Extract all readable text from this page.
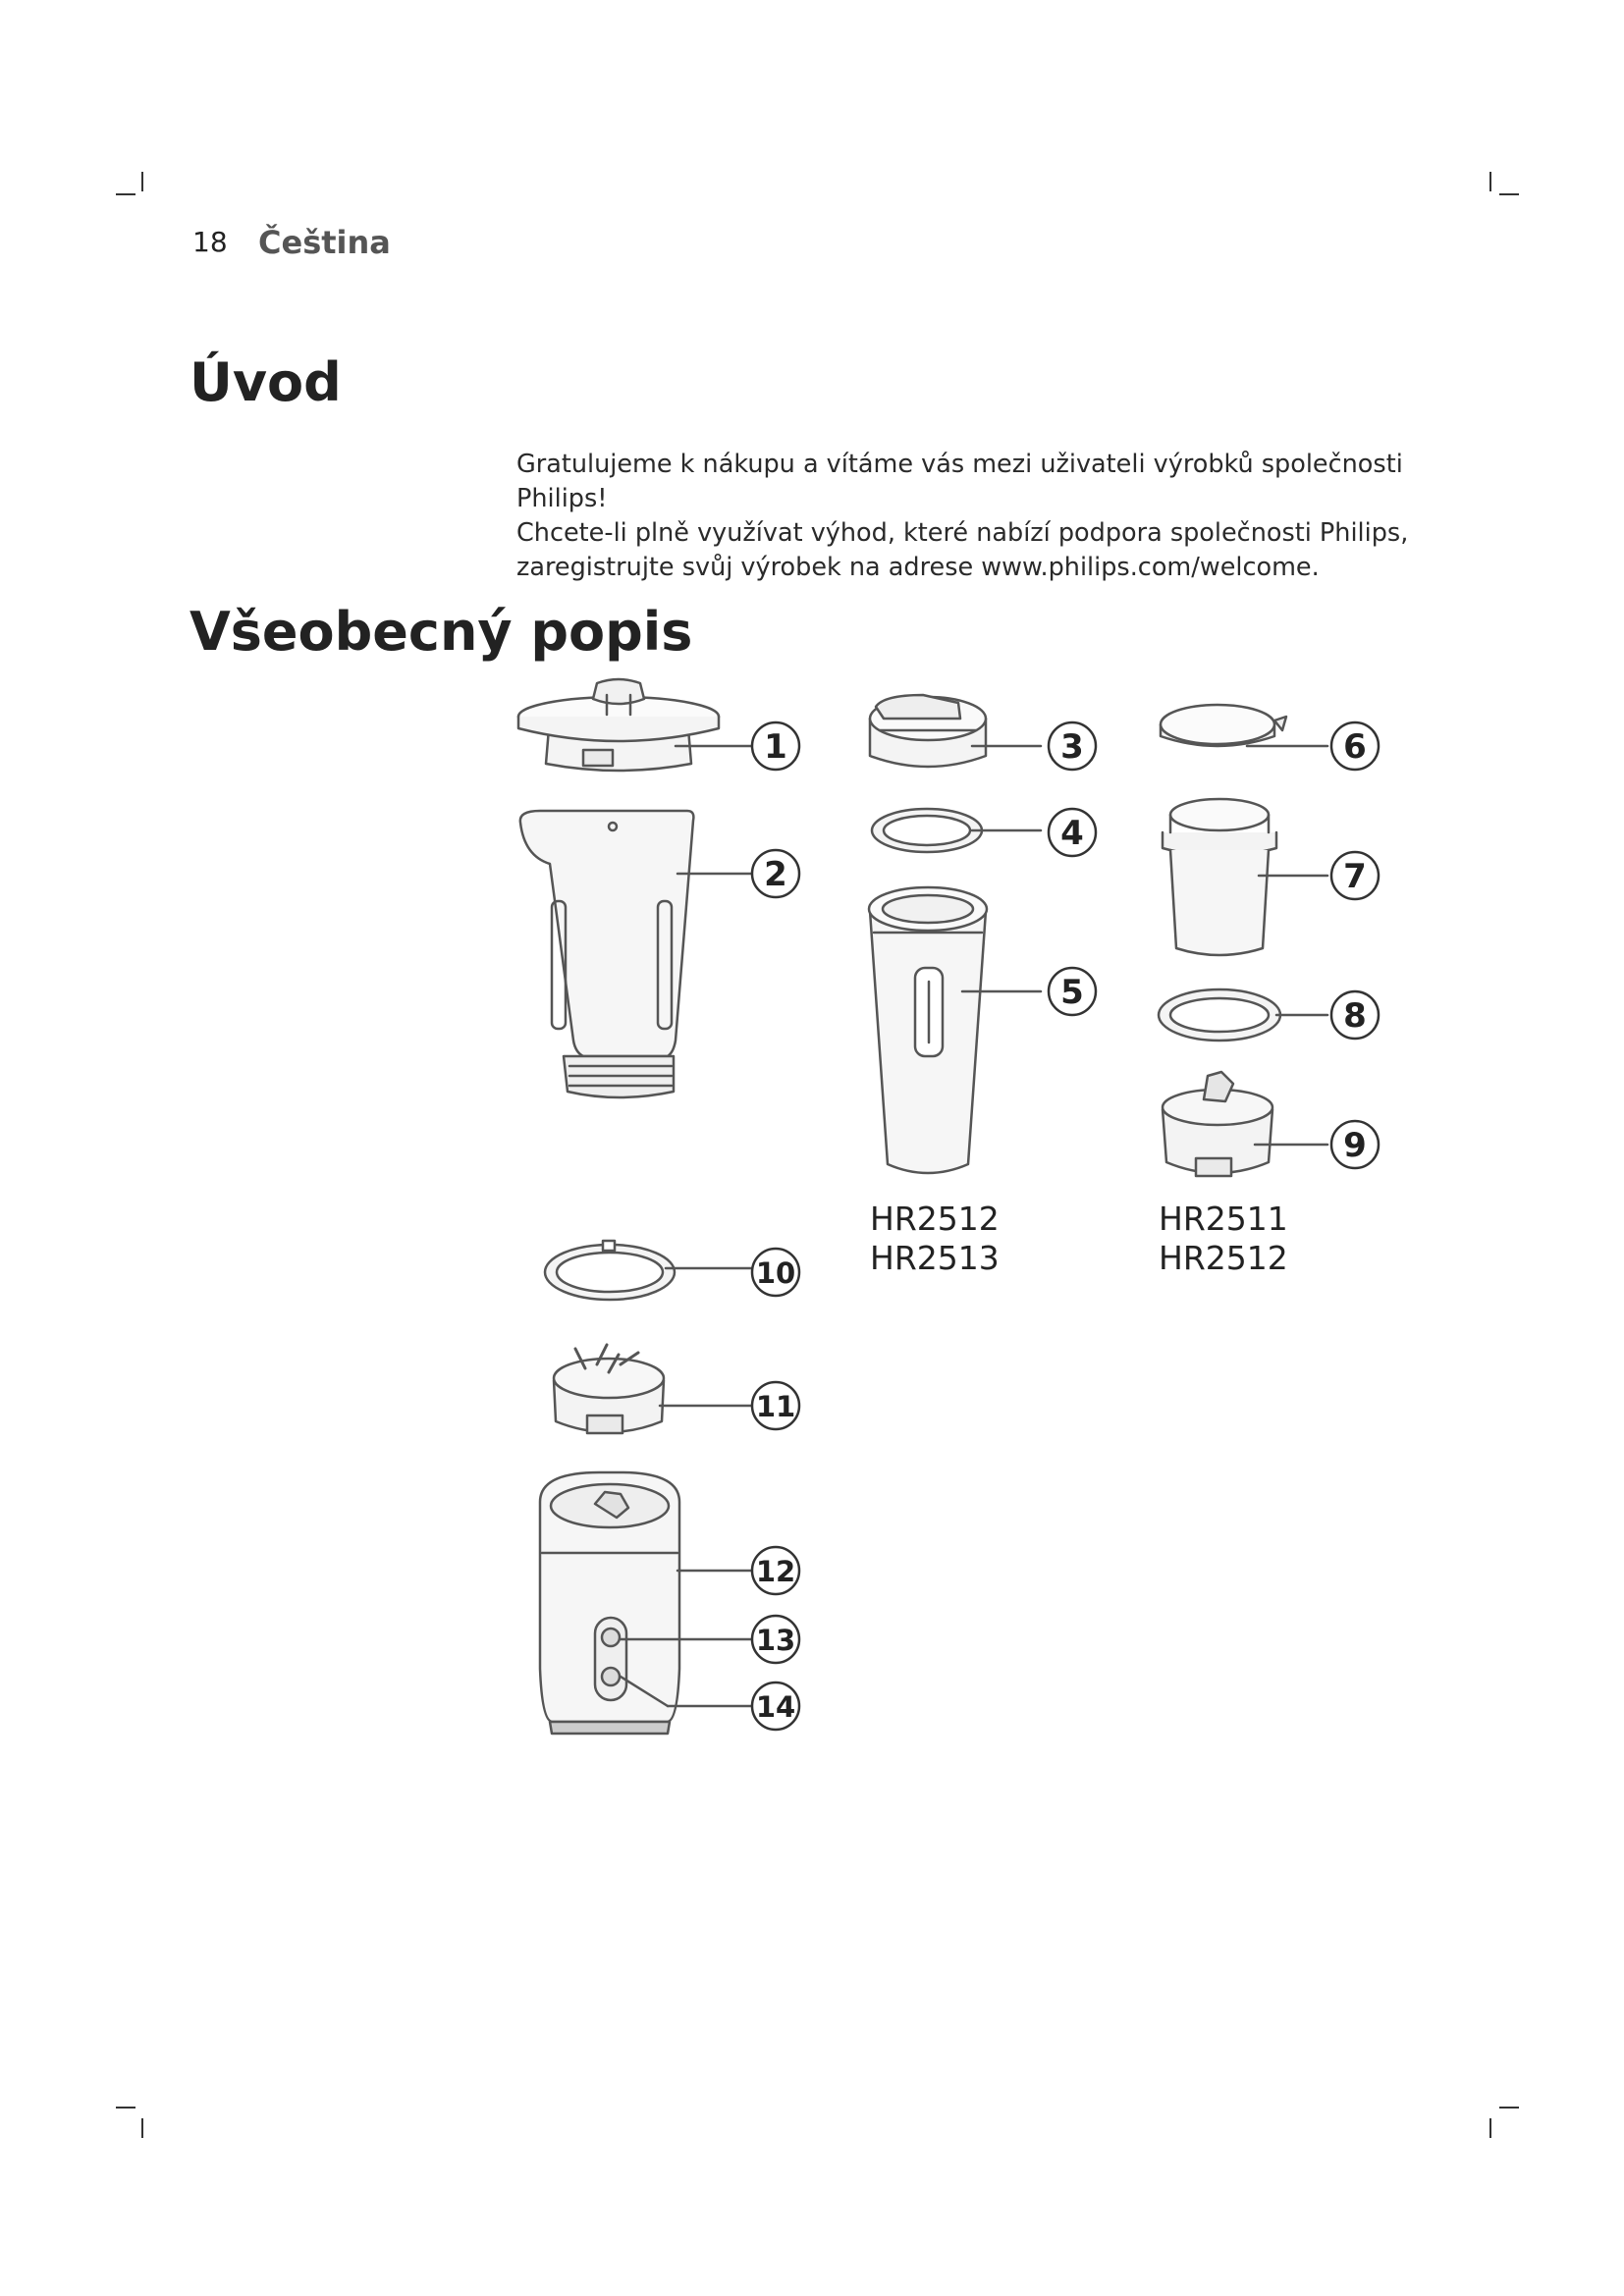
18 Čeština
Úvod

Gratulujeme k nákupu a vítáme vás mezi uživateli výrobků společnosti Philips!

Chcete-li plně využívat výhod, které nabízí podpora společnosti Philips,

zaregistrujte svůj výrobek na adrese www.philips.com/welcome.

Všeobecný popis
1
2
3
4
5
6
7
8
9
10
11
12
13
14
HR2512
HR2513
HR2511
HR2512
